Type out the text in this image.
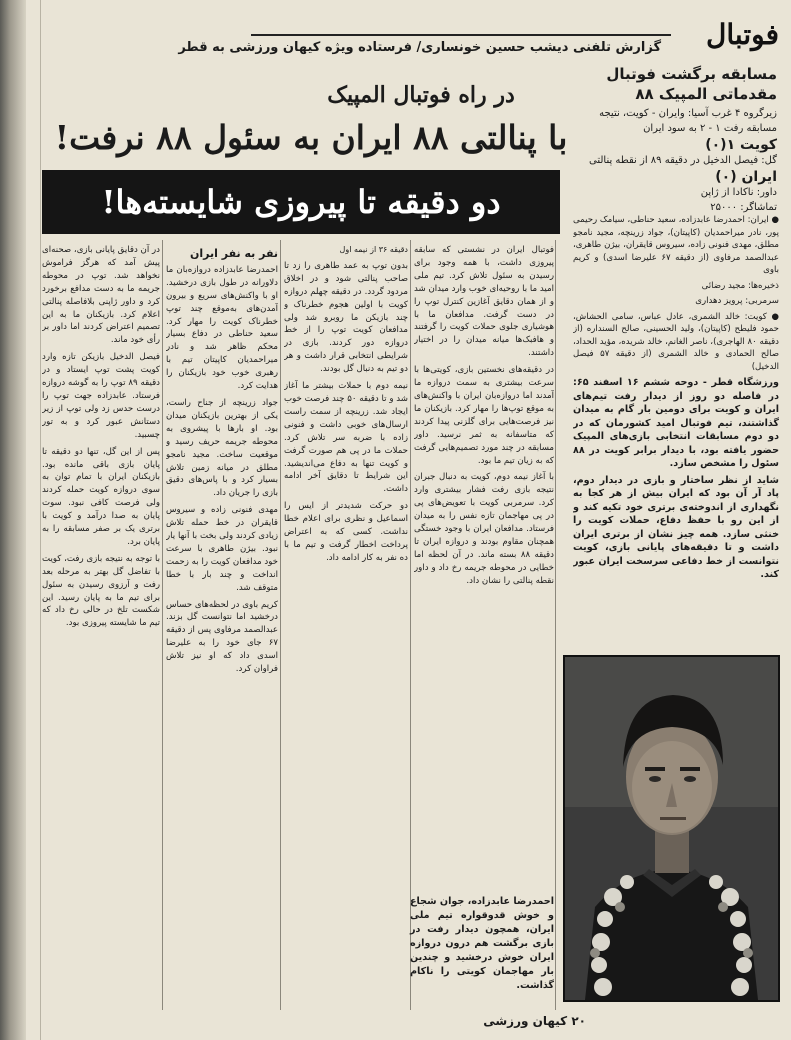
فوتبال
گزارش تلفنی دیشب حسین خونساری/ فرستاده ویژه کیهان ورزشی به قطر
مسابقه برگشت فوتبال
مقدماتی المپیک ۸۸
در راه فوتبال المپیک
با پنالتی ۸۸ ایران به سئول ۸۸ نرفت!
دو دقیقه تا پیروزی شایسته‌ها!
زیرگروه ۴ غرب آسیا: وایران - کویت، نتیجه
مسابقه رفت ۱ - ۲ به سود ایران
کویت ۱(۰)
گل: فیصل الدخیل در دقیقه ۸۹ از نقطه پنالتی
ایران (۰)
داور: ناکادا از ژاپن
تماشاگر: ۲۵۰۰۰

● ایران: احمدرضا عابدزاده، سعید حناطی، سیامک رحیمی پور، نادر میراحمدیان (کاپیتان)، جواد زرینچه، مجید نامجو مطلق، مهدی فنونی زاده، سیروس قایقران، بیژن طاهری، عبدالصمد مرفاوی (از دقیقه ۶۷ علیرضا اسدی) و کریم باوی

ذخیره‌ها: مجید رضائی

سرمربی: پرویز دهداری

● کویت: خالد الشمری، عادل عباس، سامی الحشاش، حمود فلیطح (کاپیتان)، ولید الحسینی، صالح السنداره (از دقیقه ۸۰ الهاجری)، ناصر الغانم، خالد شریده، مؤید الحداد، صالح الحمادی و خالد الشمری (از دقیقه ۵۷ فیصل الدخیل)

ورزشگاه قطر - دوحه ششم ۱۶ اسفند ۶۵: در فاصله دو روز از دیدار رفت تیم‌های ایران و کویت برای دومین بار گام به میدان گذاشتند، تیم فوتبال امید کشورمان که در دو دوم مسابقات انتخابی بازی‌های المپیک حضور یافته بود، با دیدار برابر کویت در ۸۸ سئول را مشخص سازد.

شاید از نظر ساختار و بازی در دیدار دوم، پاد آر آن بود که ایران بیش از هر کجا به نگهداری از اندوخته‌ی برتری خود تکیه کند و از این رو با حفظ دفاع، حملات کویت را خنثی سازد. همه چیز نشان از برتری ایران داشت و تا دقیقه‌های پایانی بازی، کویت نتوانست از خط دفاعی سرسخت ایران عبور کند.

فوتبال ایران در نشستی که سابقه پیروزی داشت، با همه وجود برای رسیدن به سئول تلاش کرد. تیم ملی امید ما با روحیه‌ای خوب وارد میدان شد و از همان دقایق آغازین کنترل توپ را در دست گرفت. مدافعان ما با هوشیاری جلوی حملات کویت را گرفتند و هافبک‌ها میانه میدان را در اختیار داشتند.

در دقیقه‌های نخستین بازی، کویتی‌ها با سرعت بیشتری به سمت دروازه ما آمدند اما دروازه‌بان ایران با واکنش‌های به موقع توپ‌ها را مهار کرد. بازیکنان ما نیز فرصت‌هایی برای گلزنی پیدا کردند که متاسفانه به ثمر نرسید. داور مسابقه در چند مورد تصمیم‌هایی گرفت که به زیان تیم ما بود.

با آغاز نیمه دوم، کویت به دنبال جبران نتیجه بازی رفت فشار بیشتری وارد کرد. سرمربی کویت با تعویض‌های پی در پی مهاجمان تازه نفس را به میدان فرستاد. مدافعان ایران با وجود خستگی همچنان مقاوم بودند و دروازه ایران تا دقیقه ۸۸ بسته ماند. در آن لحظه اما خطایی در محوطه جریمه رخ داد و داور نقطه پنالتی را نشان داد.

دقیقه ۳۶ از نیمه اول

بدون توپ به عمد طاهری را زد تا صاحب پنالتی شود و در اخلاق مردود گردد. در دقیقه چهلم دروازه کویت با اولین هجوم خطرناک و چند بازیکن ما روبرو شد ولی مدافعان کویت توپ را از خط دروازه دور کردند. بازی در شرایطی انتخابی قرار داشت و هر دو تیم به دنبال گل بودند.

نیمه دوم با حملات بیشتر ما آغاز شد و تا دقیقه ۵۰ چند فرصت خوب ایجاد شد. زرینچه از سمت راست ارسال‌های خوبی داشت و فنونی زاده با ضربه سر تلاش کرد. حملات ما در پی هم صورت گرفت و کویت تنها به دفاع می‌اندیشید. این شرایط تا دقایق آخر ادامه داشت.

دو حرکت شدیدتر از ایس را اسماعیل و نظری برای اعلام خطا نداشت. کسی که به اعتراض پرداخت اخطار گرفت و تیم ما با ده نفر به کار ادامه داد.

نفر به نفر ایران

احمدرضا عابدزاده دروازه‌بان ما دلاورانه در طول بازی درخشید. او با واکنش‌های سریع و بیرون آمدن‌های به‌موقع چند توپ خطرناک کویت را مهار کرد. سعید حناطی در دفاع بسیار محکم ظاهر شد و نادر میراحمدیان کاپیتان تیم با رهبری خوب خود بازیکنان را هدایت کرد.

جواد زرینچه از جناح راست، یکی از بهترین بازیکنان میدان بود. او بارها با پیشروی به محوطه جریمه حریف رسید و موقعیت ساخت. مجید نامجو مطلق در میانه زمین تلاش بسیار کرد و با پاس‌های دقیق بازی را جریان داد.

مهدی فنونی زاده و سیروس قایقران در خط حمله تلاش زیادی کردند ولی بخت با آنها یار نبود. بیژن طاهری با سرعت خود مدافعان کویت را به زحمت انداخت و چند بار با خطا متوقف شد.

کریم باوی در لحظه‌های حساس درخشید اما نتوانست گل بزند. عبدالصمد مرفاوی پس از دقیقه ۶۷ جای خود را به علیرضا اسدی داد که او نیز تلاش فراوان کرد.

در آن دقایق پایانی بازی، صحنه‌ای پیش آمد که هرگز فراموش نخواهد شد. توپ در محوطه جریمه ما به دست مدافع برخورد کرد و داور ژاپنی بلافاصله پنالتی اعلام کرد. بازیکنان ما به این تصمیم اعتراض کردند اما داور بر رأی خود ماند.

فیصل الدخیل بازیکن تازه وارد کویت پشت توپ ایستاد و در دقیقه ۸۹ توپ را به گوشه دروازه فرستاد. عابدزاده جهت توپ را درست حدس زد ولی توپ از زیر دستانش عبور کرد و به تور چسبید.

پس از این گل، تنها دو دقیقه تا پایان بازی باقی مانده بود. بازیکنان ایران با تمام توان به سوی دروازه کویت حمله کردند ولی فرصت کافی نبود. سوت پایان به صدا درآمد و کویت با برتری یک بر صفر مسابقه را به پایان برد.

با توجه به نتیجه بازی رفت، کویت با تفاضل گل بهتر به مرحله بعد رفت و آرزوی رسیدن به سئول برای تیم ما به پایان رسید. این شکست تلخ در حالی رخ داد که تیم ما شایسته پیروزی بود.

احمدرضا عابدزاده، جوان شجاع و خوش قدوقواره تیم ملی ایران، همچون دیدار رفت در بازی برگشت هم درون دروازه ایران خوش درخشید و چندین بار مهاجمان کویتی را ناکام گذاشت.
۲۰ کیهان ورزشی
